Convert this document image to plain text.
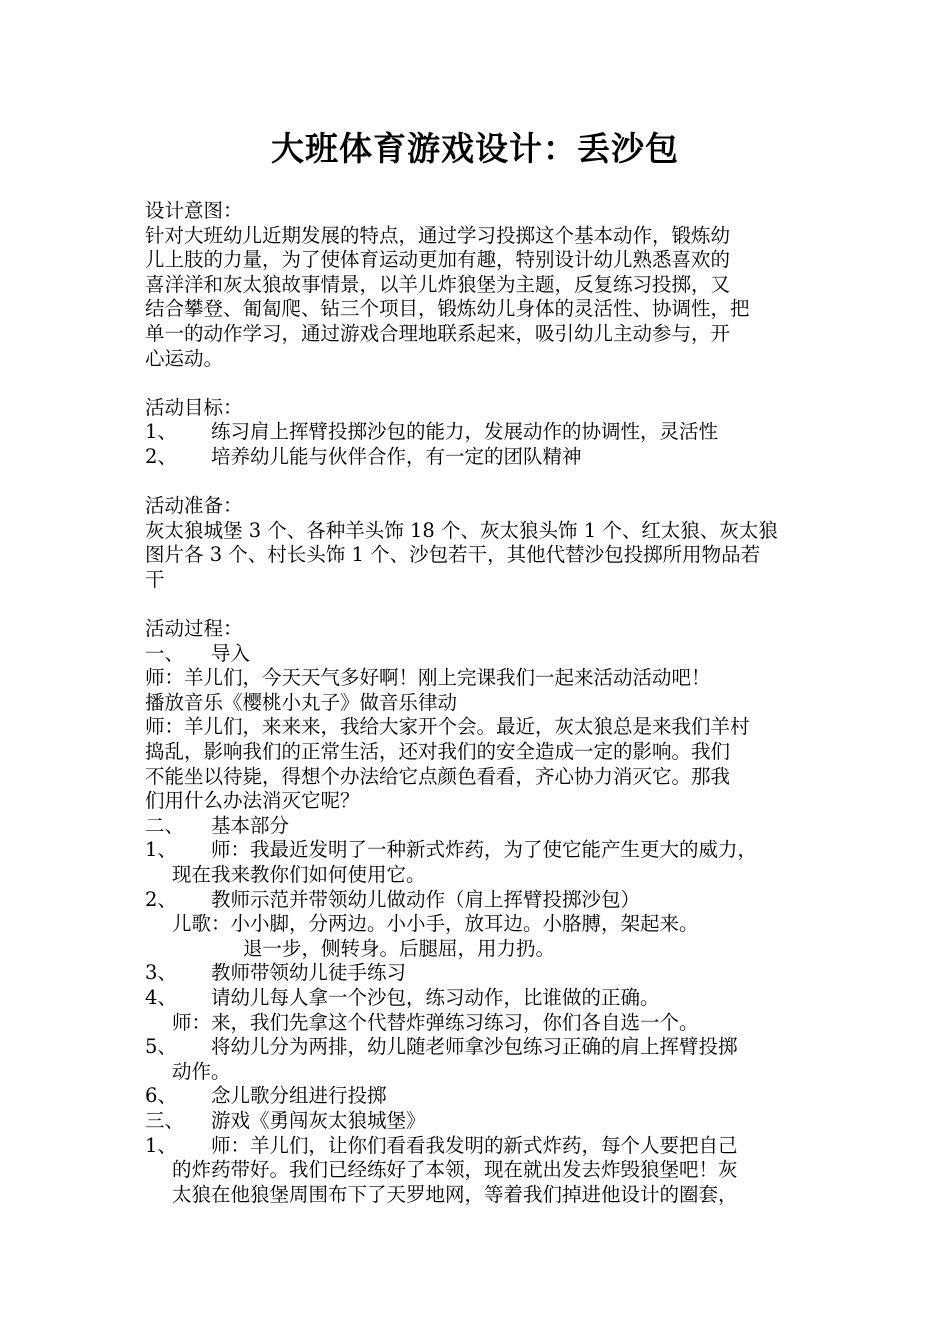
大班体育游戏设计：丢沙包
设计意图：
针对大班幼儿近期发展的特点，通过学习投掷这个基本动作，锻炼幼
儿上肢的力量，为了使体育运动更加有趣，特别设计幼儿熟悉喜欢的
喜洋洋和灰太狼故事情景，以羊儿炸狼堡为主题，反复练习投掷，又
结合攀登、匍匐爬、钻三个项目，锻炼幼儿身体的灵活性、协调性，把
单一的动作学习，通过游戏合理地联系起来，吸引幼儿主动参与，开
心运动。
活动目标：
1、	练习肩上挥臂投掷沙包的能力，发展动作的协调性，灵活性
2、	培养幼儿能与伙伴合作，有一定的团队精神
活动准备：
灰太狼城堡 3 个、各种羊头饰 18 个、灰太狼头饰 1 个、红太狼、灰太狼
图片各 3 个、村长头饰 1 个、沙包若干，其他代替沙包投掷所用物品若
干
活动过程：
一、	导入
师：羊儿们，今天天气多好啊！刚上完课我们一起来活动活动吧！
播放音乐《樱桃小丸子》做音乐律动
师：羊儿们，来来来，我给大家开个会。最近，灰太狼总是来我们羊村
捣乱，影响我们的正常生活，还对我们的安全造成一定的影响。我们
不能坐以待毙，得想个办法给它点颜色看看，齐心协力消灭它。那我
们用什么办法消灭它呢？
二、	基本部分
1、	师：我最近发明了一种新式炸药，为了使它能产生更大的威力，
现在我来教你们如何使用它。
2、	教师示范并带领幼儿做动作（肩上挥臂投掷沙包）
儿歌：小小脚，分两边。小小手，放耳边。小胳膊，架起来。
退一步，侧转身。后腿屈，用力扔。
3、	教师带领幼儿徒手练习
4、	请幼儿每人拿一个沙包，练习动作，比谁做的正确。
师：来，我们先拿这个代替炸弹练习练习，你们各自选一个。
5、	将幼儿分为两排，幼儿随老师拿沙包练习正确的肩上挥臂投掷
动作。
6、	念儿歌分组进行投掷
三、	游戏《勇闯灰太狼城堡》
1、	师：羊儿们，让你们看看我发明的新式炸药，每个人要把自己
的炸药带好。我们已经练好了本领，现在就出发去炸毁狼堡吧！灰
太狼在他狼堡周围布下了天罗地网，等着我们掉进他设计的圈套，
